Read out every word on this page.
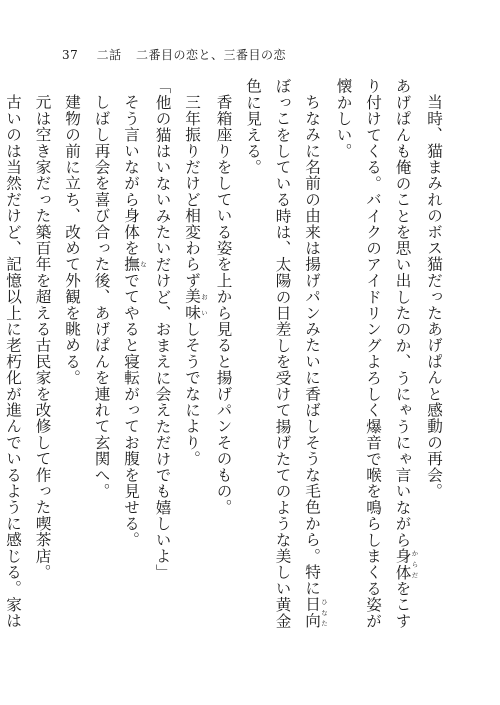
37 二話 二番目の恋と、三番目の恋

当時、猫まみれのボス猫だったあげぱんと感動の再会。

あげぱんも俺のことを思い出したのか、うにゃうにゃ言いながら身体 からだをこすり付けてくる。バイクのアイドリングよろしく爆音で喉を鳴らしまくる姿が懐かしい。

ちなみに名前の由来は揚げパンみたいに香ばしそうな毛色から。特に日向 ひなたぼっこをしている時は、太陽の日差しを受けて揚げたてのような美しい黄金色に見える。

香箱座りをしている姿を上から見ると揚げパンそのもの。

三年振りだけど相変わらず美味 おいしそうでなにより。

「他の猫はいないみたいだけど、おまえに会えただけでも嬉しいよ」

そう言いながら身体を撫 なでてやると寝転がってお腹を見せる。

しばし再会を喜び合った後、あげぱんを連れて玄関へ。

建物の前に立ち、改めて外観を眺める。

元は空き家だった築百年を超える古民家を改修して作った喫茶店。

古いのは当然だけど、記憶以上に老朽化が進んでいるように感じる。家は
